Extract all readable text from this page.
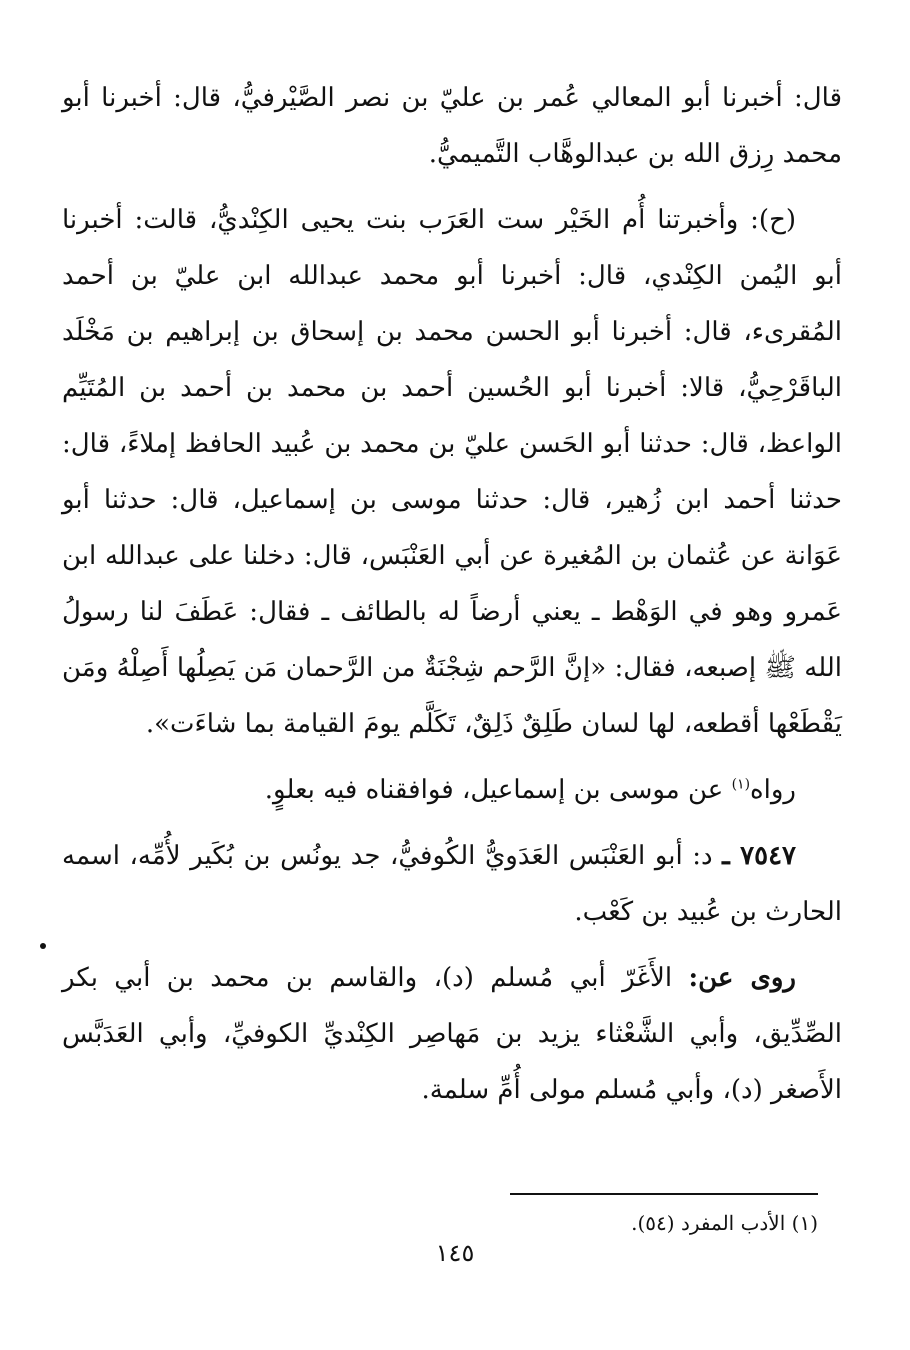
قال: أخبرنا أبو المعالي عُمر بن عليّ بن نصر الصَّيْرفيُّ، قال: أخبرنا أبو محمد رِزق الله بن عبدالوهَّاب التَّميميُّ.

(ح): وأخبرتنا أُم الخَيْر ست العَرَب بنت يحيى الكِنْديُّ، قالت: أخبرنا أبو اليُمن الكِنْدي، قال: أخبرنا أبو محمد عبدالله ابن عليّ بن أحمد المُقرىء، قال: أخبرنا أبو الحسن محمد بن إسحاق بن إبراهيم بن مَخْلَد الباقَرْحِيُّ، قالا: أخبرنا أبو الحُسين أحمد بن محمد بن أحمد بن المُتَيِّم الواعظ، قال: حدثنا أبو الحَسن عليّ بن محمد بن عُبيد الحافظ إملاءً، قال: حدثنا أحمد ابن زُهير، قال: حدثنا موسى بن إسماعيل، قال: حدثنا أبو عَوَانة عن عُثمان بن المُغيرة عن أبي العَنْبَس، قال: دخلنا على عبدالله ابن عَمرو وهو في الوَهْط ـ يعني أرضاً له بالطائف ـ فقال: عَطَفَ لنا رسولُ الله ﷺ إصبعه، فقال: «إنَّ الرَّحم شِجْنَةٌ من الرَّحمان مَن يَصِلُها أَصِلْهُ ومَن يَقْطَعْها أقطعه، لها لسان طَلِقٌ ذَلِقٌ، تَكَلَّم يومَ القيامة بما شاءَت».

رواه$^{(١)}$ عن موسى بن إسماعيل، فوافقناه فيه بعلوٍ.

٧٥٤٧ ـ د: أبو العَنْبَس العَدَويُّ الكُوفيُّ، جد يونُس بن بُكَير لأُمِّه، اسمه الحارث بن عُبيد بن كَعْب.

روى عن: الأَغَرّ أبي مُسلم (د)، والقاسم بن محمد بن أبي بكر الصِّدِّيق، وأبي الشَّعْثاء يزيد بن مَهاصِر الكِنْديِّ الكوفيِّ، وأبي العَدَبَّس الأَصغر (د)، وأبي مُسلم مولى أُمِّ سلمة.

(١) الأدب المفرد (٥٤).
١٤٥
